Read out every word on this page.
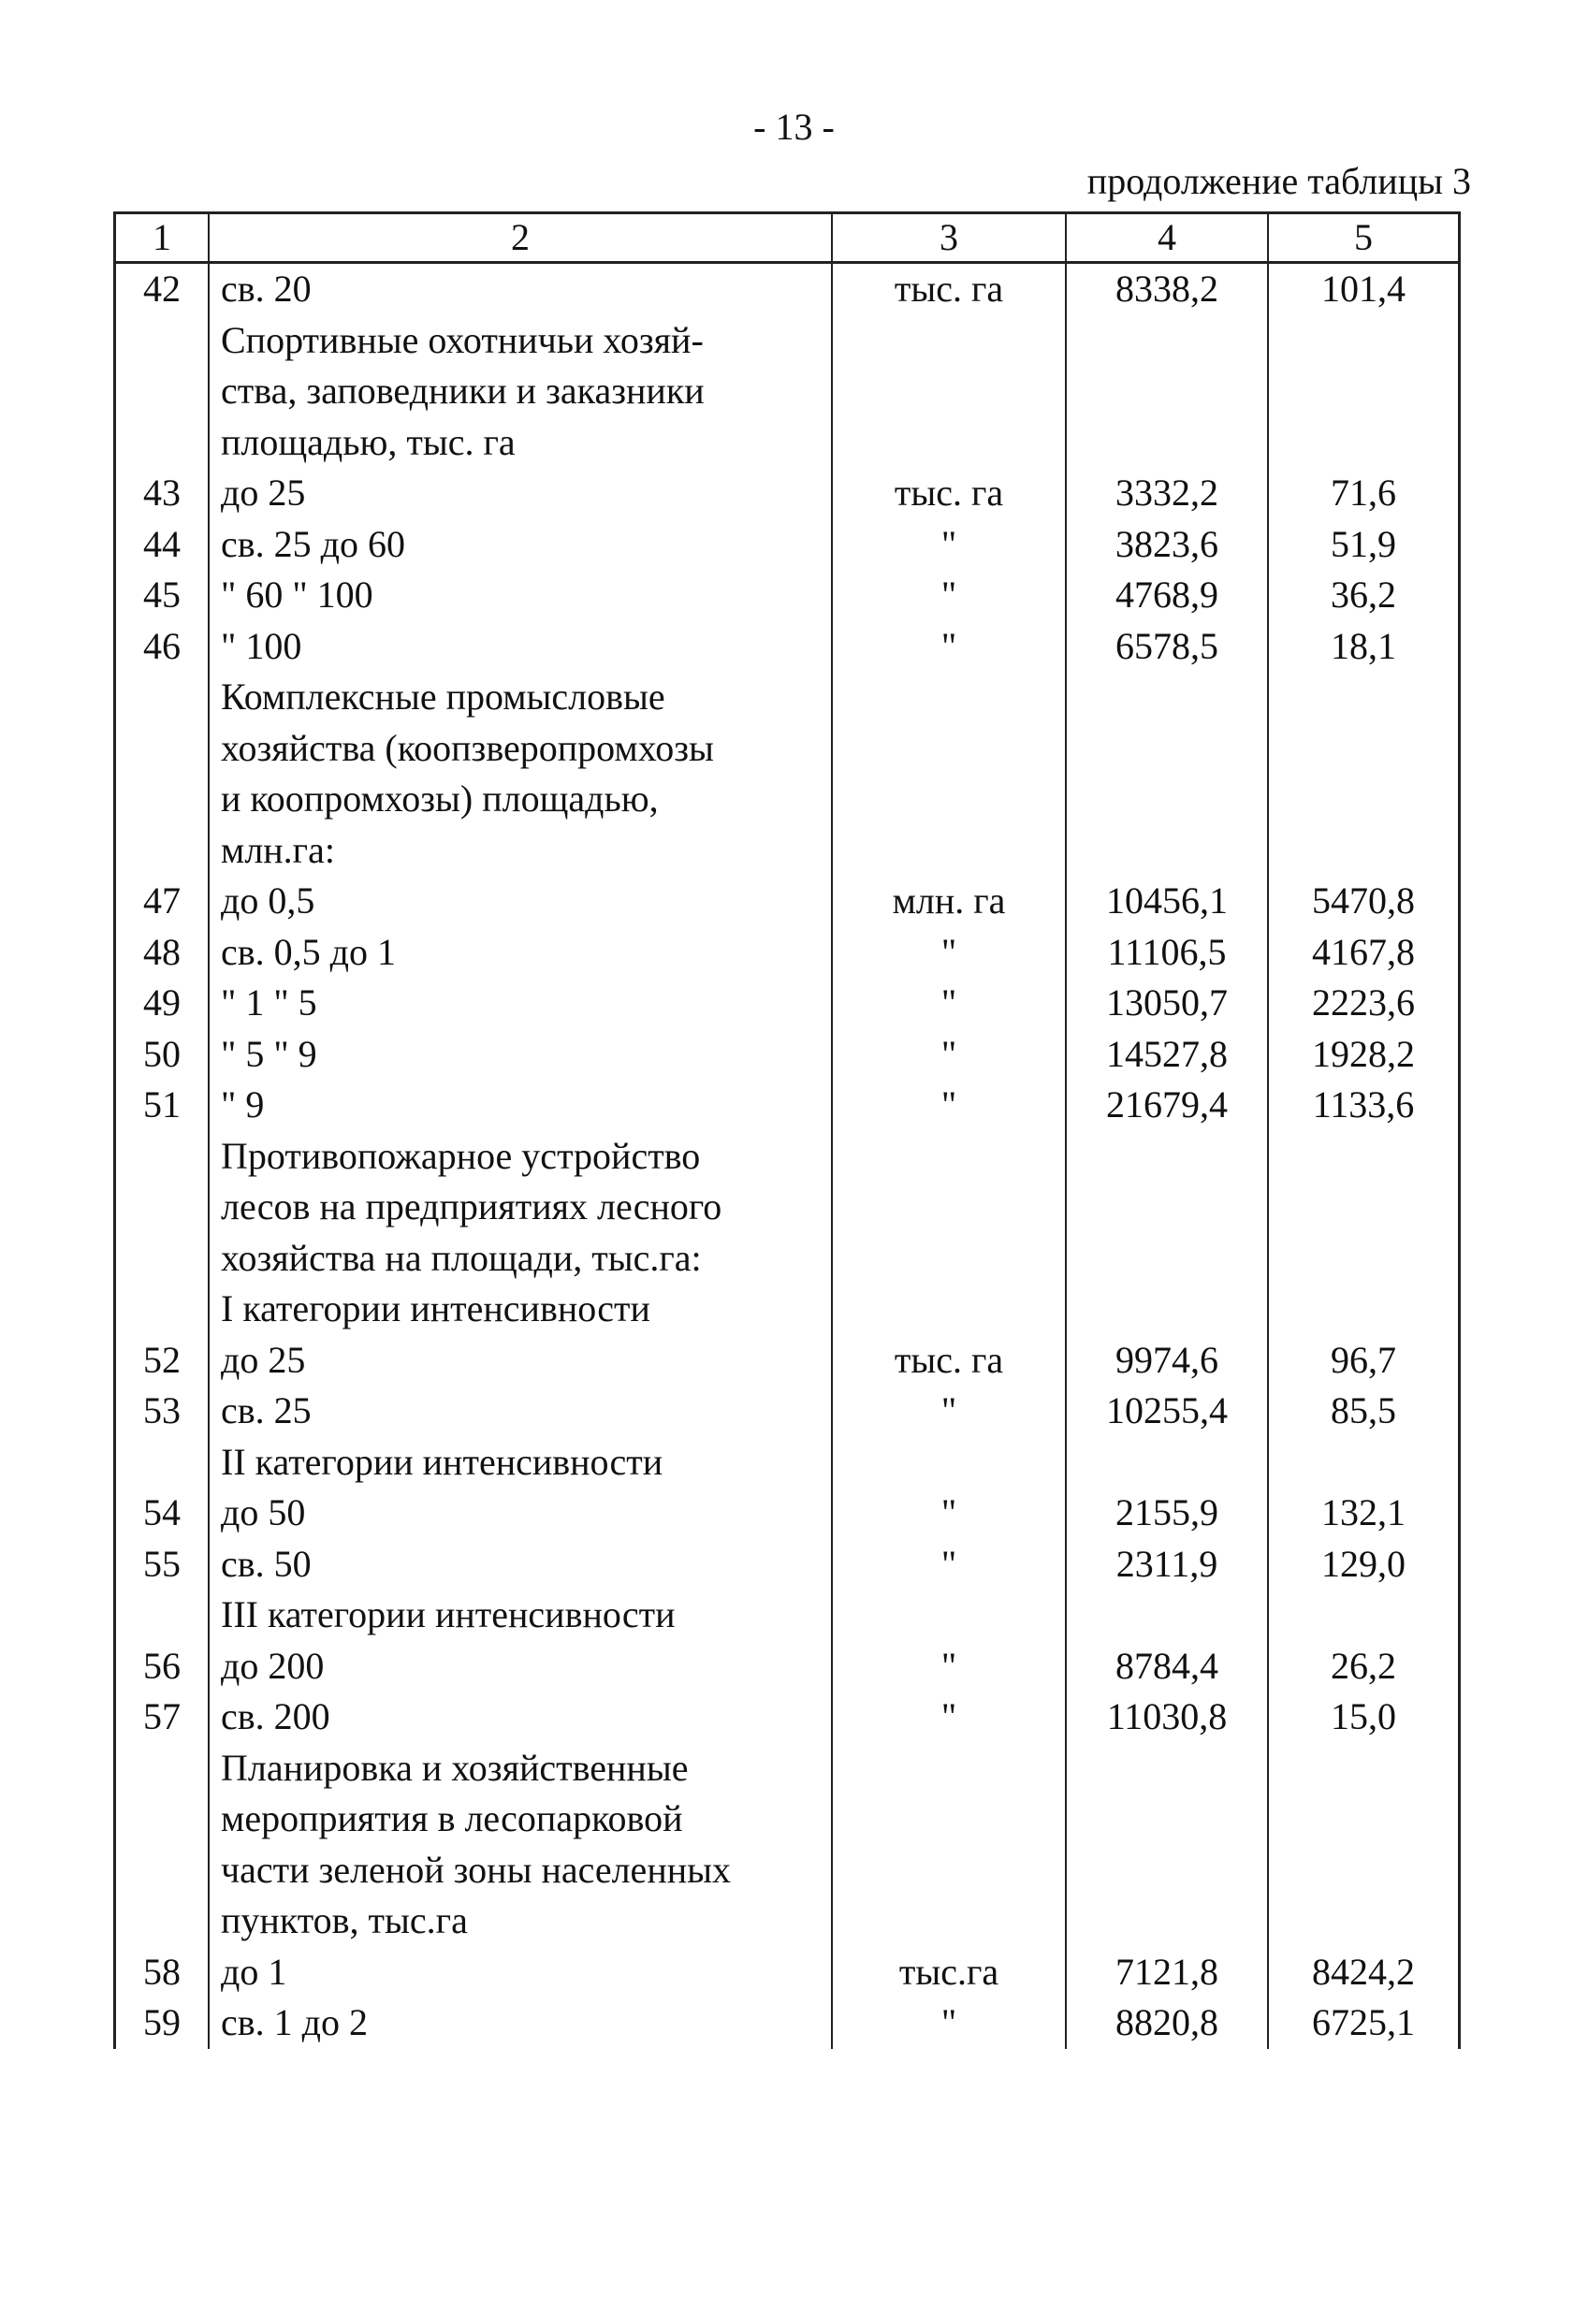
- 13 -
продолжение таблицы 3
1	2	3	4	5
42	св. 20	тыс. га	8338,2	101,4
Спортивные охотничьи хозяй-
ства, заповедники и заказники
площадью, тыс. га
43	до 25	тыс. га	3332,2	71,6
44	св. 25 до 60	"	3823,6	51,9
45	" 60 " 100	"	4768,9	36,2
46	" 100	"	6578,5	18,1
Комплексные промысловые
хозяйства (коопзверопромхозы
и коопромхозы) площадью,
млн.га:
47	до 0,5	млн. га	10456,1	5470,8
48	св. 0,5 до 1	"	11106,5	4167,8
49	" 1 " 5	"	13050,7	2223,6
50	" 5 " 9	"	14527,8	1928,2
51	" 9	"	21679,4	1133,6
Противопожарное устройство
лесов на предприятиях лесного
хозяйства на площади, тыс.га:
I категории интенсивности
52	до 25	тыс. га	9974,6	96,7
53	св. 25	"	10255,4	85,5
II категории интенсивности
54	до 50	"	2155,9	132,1
55	св. 50	"	2311,9	129,0
III категории интенсивности
56	до 200	"	8784,4	26,2
57	св. 200	"	11030,8	15,0
Планировка и хозяйственные
мероприятия в лесопарковой
части зеленой зоны населенных
пунктов, тыс.га
58	до 1	тыс.га	7121,8	8424,2
59	св. 1 до 2	"	8820,8	6725,1
